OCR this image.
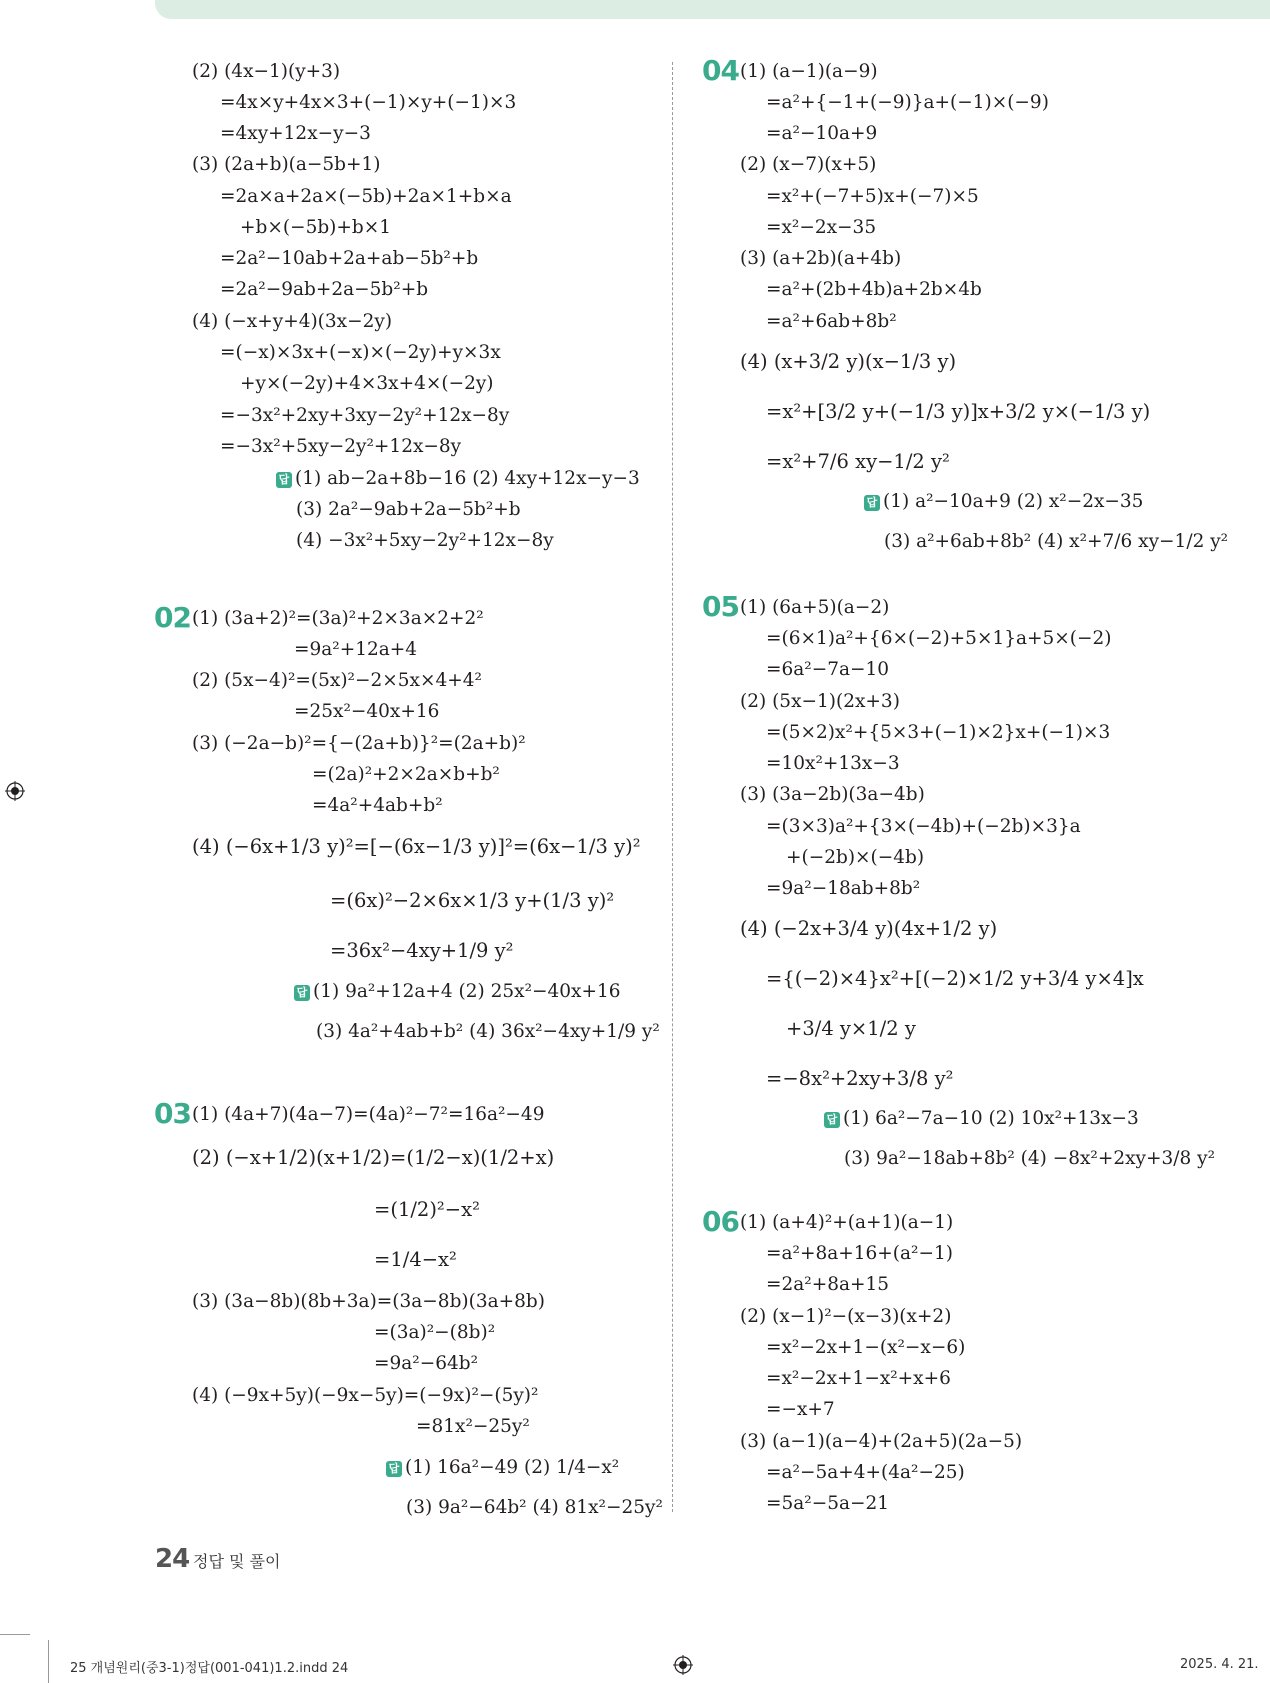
(2) (4x−1)(y+3)
=4x×y+4x×3+(−1)×y+(−1)×3
=4xy+12x−y−3
(3) (2a+b)(a−5b+1)
=2a×a+2a×(−5b)+2a×1+b×a
+b×(−5b)+b×1
=2a²−10ab+2a+ab−5b²+b
=2a²−9ab+2a−5b²+b
(4) (−x+y+4)(3x−2y)
=(−x)×3x+(−x)×(−2y)+y×3x
+y×(−2y)+4×3x+4×(−2y)
=−3x²+2xy+3xy−2y²+12x−8y
=−3x²+5xy−2y²+12x−8y
답 (1) ab−2a+8b−16 (2) 4xy+12x−y−3
(3) 2a²−9ab+2a−5b²+b
(4) −3x²+5xy−2y²+12x−8y
02 (1) (3a+2)²=(3a)²+2×3a×2+2²
=9a²+12a+4
(2) (5x−4)²=(5x)²−2×5x×4+4²
=25x²−40x+16
(3) (−2a−b)²={−(2a+b)}²=(2a+b)²
=(2a)²+2×2a×b+b²
=4a²+4ab+b²
(4) (−6x+1/3 y)²=[−(6x−1/3 y)]²=(6x−1/3 y)²
=(6x)²−2×6x×1/3 y+(1/3 y)²
=36x²−4xy+1/9 y²
답 (1) 9a²+12a+4 (2) 25x²−40x+16
(3) 4a²+4ab+b² (4) 36x²−4xy+1/9 y²
03 (1) (4a+7)(4a−7)=(4a)²−7²=16a²−49
(2) (−x+1/2)(x+1/2)=(1/2−x)(1/2+x)
=(1/2)²−x²
=1/4−x²
(3) (3a−8b)(8b+3a)=(3a−8b)(3a+8b)
=(3a)²−(8b)²
=9a²−64b²
(4) (−9x+5y)(−9x−5y)=(−9x)²−(5y)²
=81x²−25y²
답 (1) 16a²−49 (2) 1/4−x²
(3) 9a²−64b² (4) 81x²−25y²
04 (1) (a−1)(a−9)
=a²+{−1+(−9)}a+(−1)×(−9)
=a²−10a+9
(2) (x−7)(x+5)
=x²+(−7+5)x+(−7)×5
=x²−2x−35
(3) (a+2b)(a+4b)
=a²+(2b+4b)a+2b×4b
=a²+6ab+8b²
(4) (x+3/2 y)(x−1/3 y)
=x²+[3/2 y+(−1/3 y)]x+3/2 y×(−1/3 y)
=x²+7/6 xy−1/2 y²
답 (1) a²−10a+9 (2) x²−2x−35
(3) a²+6ab+8b² (4) x²+7/6 xy−1/2 y²
05 (1) (6a+5)(a−2)
=(6×1)a²+{6×(−2)+5×1}a+5×(−2)
=6a²−7a−10
(2) (5x−1)(2x+3)
=(5×2)x²+{5×3+(−1)×2}x+(−1)×3
=10x²+13x−3
(3) (3a−2b)(3a−4b)
=(3×3)a²+{3×(−4b)+(−2b)×3}a
+(−2b)×(−4b)
=9a²−18ab+8b²
(4) (−2x+3/4 y)(4x+1/2 y)
={(−2)×4}x²+[(−2)×1/2 y+3/4 y×4]x
+3/4 y×1/2 y
=−8x²+2xy+3/8 y²
답 (1) 6a²−7a−10 (2) 10x²+13x−3
(3) 9a²−18ab+8b² (4) −8x²+2xy+3/8 y²
06 (1) (a+4)²+(a+1)(a−1)
=a²+8a+16+(a²−1)
=2a²+8a+15
(2) (x−1)²−(x−3)(x+2)
=x²−2x+1−(x²−x−6)
=x²−2x+1−x²+x+6
=−x+7
(3) (a−1)(a−4)+(2a+5)(2a−5)
=a²−5a+4+(4a²−25)
=5a²−5a−21
24 정답 및 풀이
25 개념원리(중3-1)정답(001-041)1.2.indd 24	2025. 4. 21.
